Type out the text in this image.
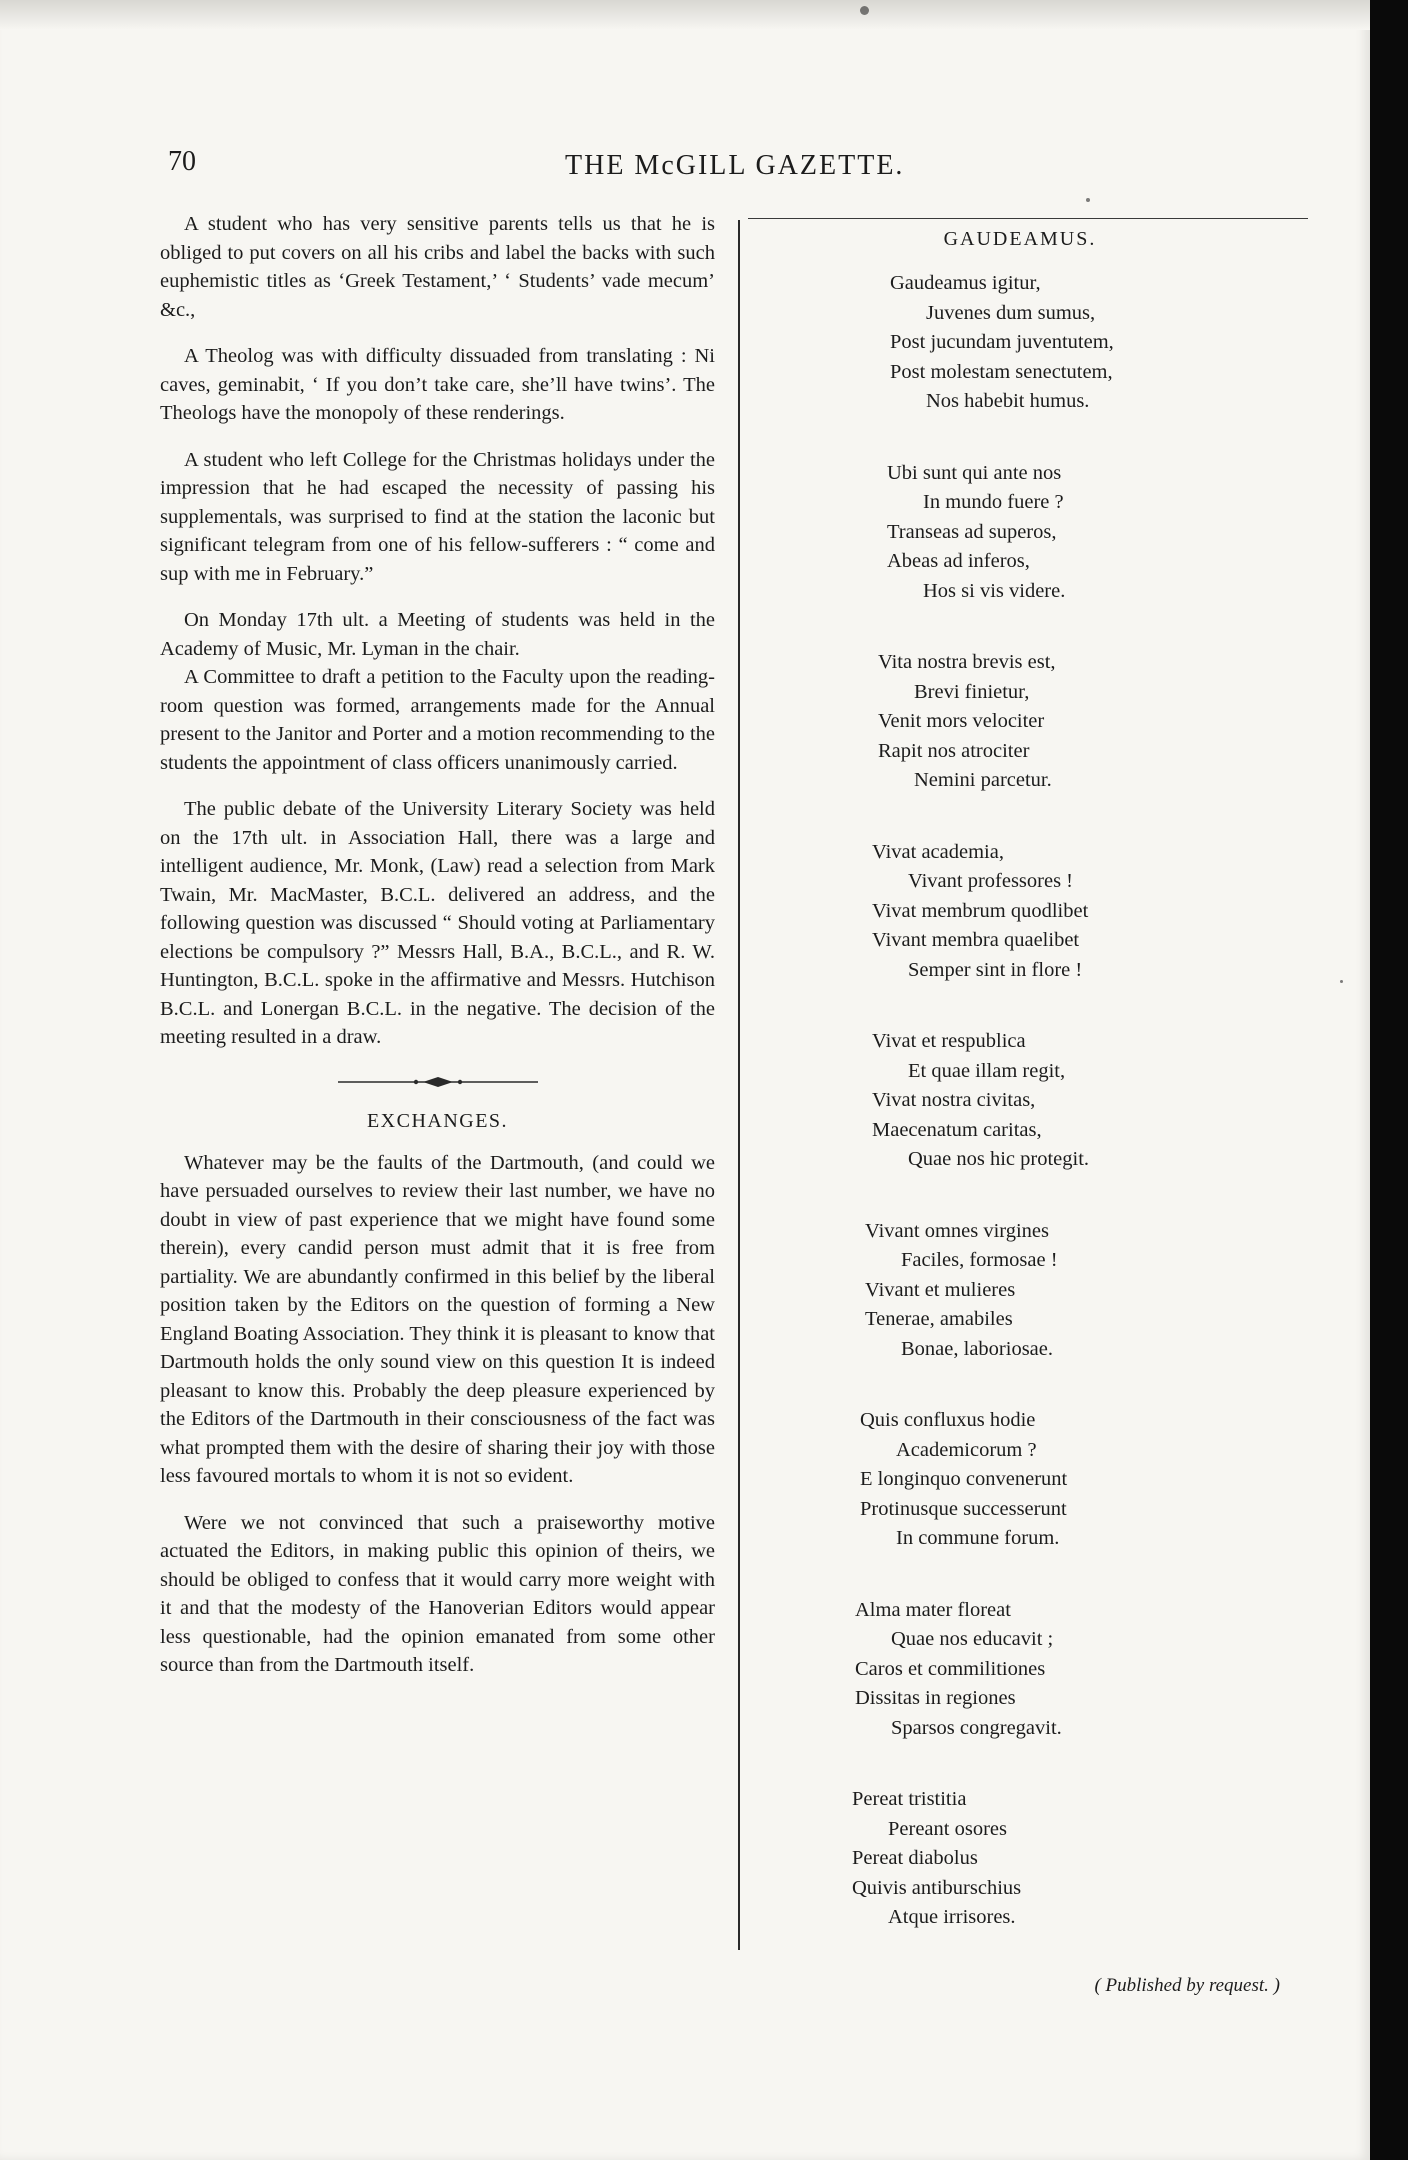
70	THE McGILL GAZETTE.

A student who has very sensitive parents tells us that he is obliged to put covers on all his cribs and label the backs with such euphemistic titles as ‘Greek Testament,’ ‘ Students’ vade mecum’ &c.,

A Theolog was with difficulty dissuaded from translating : Ni caves, geminabit, ‘ If you don’t take care, she’ll have twins’. The Theologs have the monopoly of these renderings.

A student who left College for the Christmas holidays under the impression that he had escaped the necessity of passing his supplementals, was surprised to find at the station the laconic but significant telegram from one of his fellow-sufferers : “ come and sup with me in February.”

On Monday 17th ult. a Meeting of students was held in the Academy of Music, Mr. Lyman in the chair.

A Committee to draft a petition to the Faculty upon the reading-room question was formed, arrangements made for the Annual present to the Janitor and Porter and a motion recommending to the students the appointment of class officers unanimously carried.

The public debate of the University Literary Society was held on the 17th ult. in Association Hall, there was a large and intelligent audience, Mr. Monk, (Law) read a selection from Mark Twain, Mr. MacMaster, B.C.L. delivered an address, and the following question was discussed “ Should voting at Parliamentary elections be compulsory ?” Messrs Hall, B.A., B.C.L., and R. W. Huntington, B.C.L. spoke in the affirmative and Messrs. Hutchison B.C.L. and Lonergan B.C.L. in the negative. The decision of the meeting resulted in a draw.

EXCHANGES.

Whatever may be the faults of the Dartmouth, (and could we have persuaded ourselves to review their last number, we have no doubt in view of past experience that we might have found some therein), every candid person must admit that it is free from partiality. We are abundantly confirmed in this belief by the liberal position taken by the Editors on the question of forming a New England Boating Association. They think it is pleasant to know that Dartmouth holds the only sound view on this question It is indeed pleasant to know this. Probably the deep pleasure experienced by the Editors of the Dartmouth in their consciousness of the fact was what prompted them with the desire of sharing their joy with those less favoured mortals to whom it is not so evident.

Were we not convinced that such a praiseworthy motive actuated the Editors, in making public this opinion of theirs, we should be obliged to confess that it would carry more weight with it and that the modesty of the Hanoverian Editors would appear less questionable, had the opinion emanated from some other source than from the Dartmouth itself.

GAUDEAMUS.
Gaudeamus igitur,
Juvenes dum sumus,
Post jucundam juventutem,
Post molestam senectutem,
Nos habebit humus.
Ubi sunt qui ante nos
In mundo fuere ?
Transeas ad superos,
Abeas ad inferos,
Hos si vis videre.
Vita nostra brevis est,
Brevi finietur,
Venit mors velociter
Rapit nos atrociter
Nemini parcetur.
Vivat academia,
Vivant professores !
Vivat membrum quodlibet
Vivant membra quaelibet
Semper sint in flore !
Vivat et respublica
Et quae illam regit,
Vivat nostra civitas,
Maecenatum caritas,
Quae nos hic protegit.
Vivant omnes virgines
Faciles, formosae !
Vivant et mulieres
Tenerae, amabiles
Bonae, laboriosae.
Quis confluxus hodie
Academicorum ?
E longinquo convenerunt
Protinusque successerunt
In commune forum.
Alma mater floreat
Quae nos educavit ;
Caros et commilitiones
Dissitas in regiones
Sparsos congregavit.
Pereat tristitia
Pereant osores
Pereat diabolus
Quivis antiburschius
Atque irrisores.
( Published by request. )
